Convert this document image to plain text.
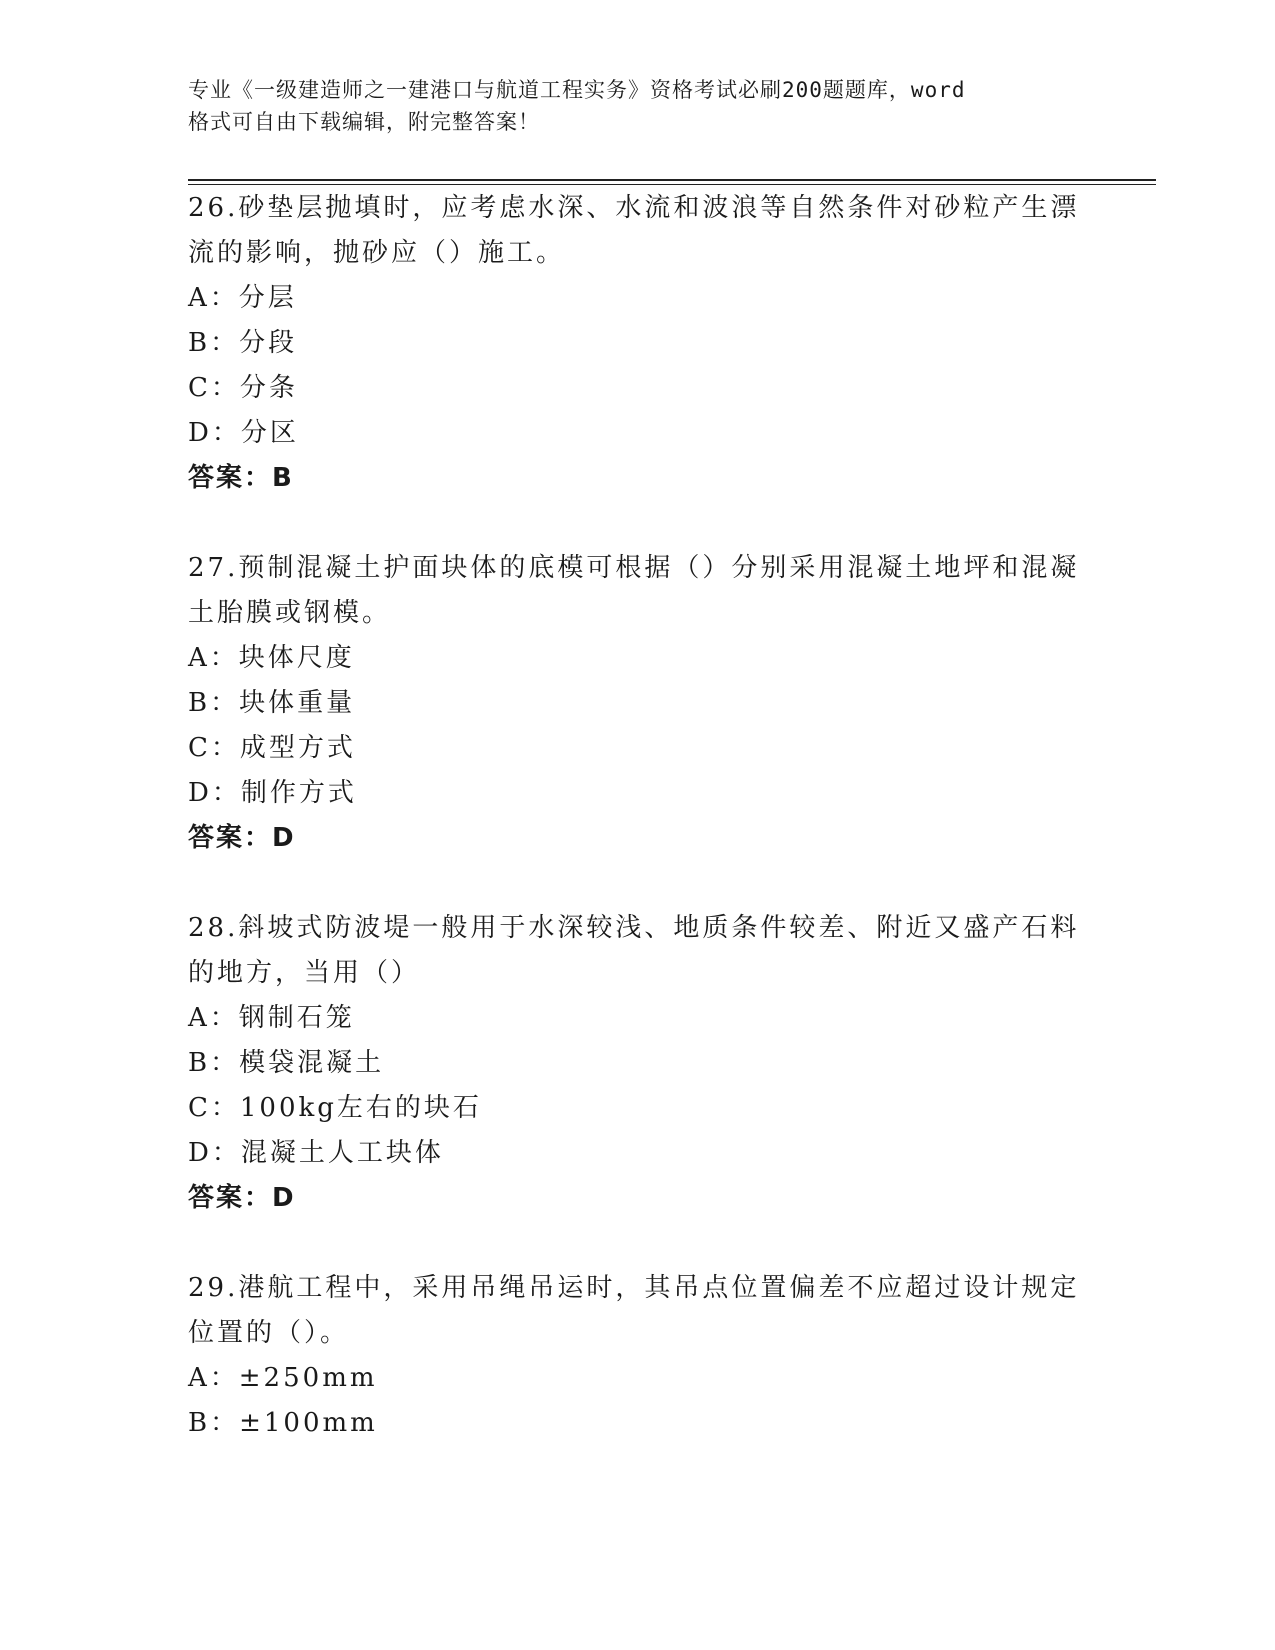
专业《一级建造师之一建港口与航道工程实务》资格考试必刷200题题库，word
格式可自由下载编辑，附完整答案！
26.砂垫层抛填时，应考虑水深、水流和波浪等自然条件对砂粒产生漂
流的影响，抛砂应（）施工。
A：分层
B：分段
C：分条
D：分区
答案：B
27.预制混凝土护面块体的底模可根据（）分别采用混凝土地坪和混凝
土胎膜或钢模。
A：块体尺度
B：块体重量
C：成型方式
D：制作方式
答案：D
28.斜坡式防波堤一般用于水深较浅、地质条件较差、附近又盛产石料
的地方，当用（）
A：钢制石笼
B：模袋混凝土
C：100kg左右的块石
D：混凝土人工块体
答案：D
29.港航工程中，采用吊绳吊运时，其吊点位置偏差不应超过设计规定
位置的（）。
A：±250mm
B：±100mm
